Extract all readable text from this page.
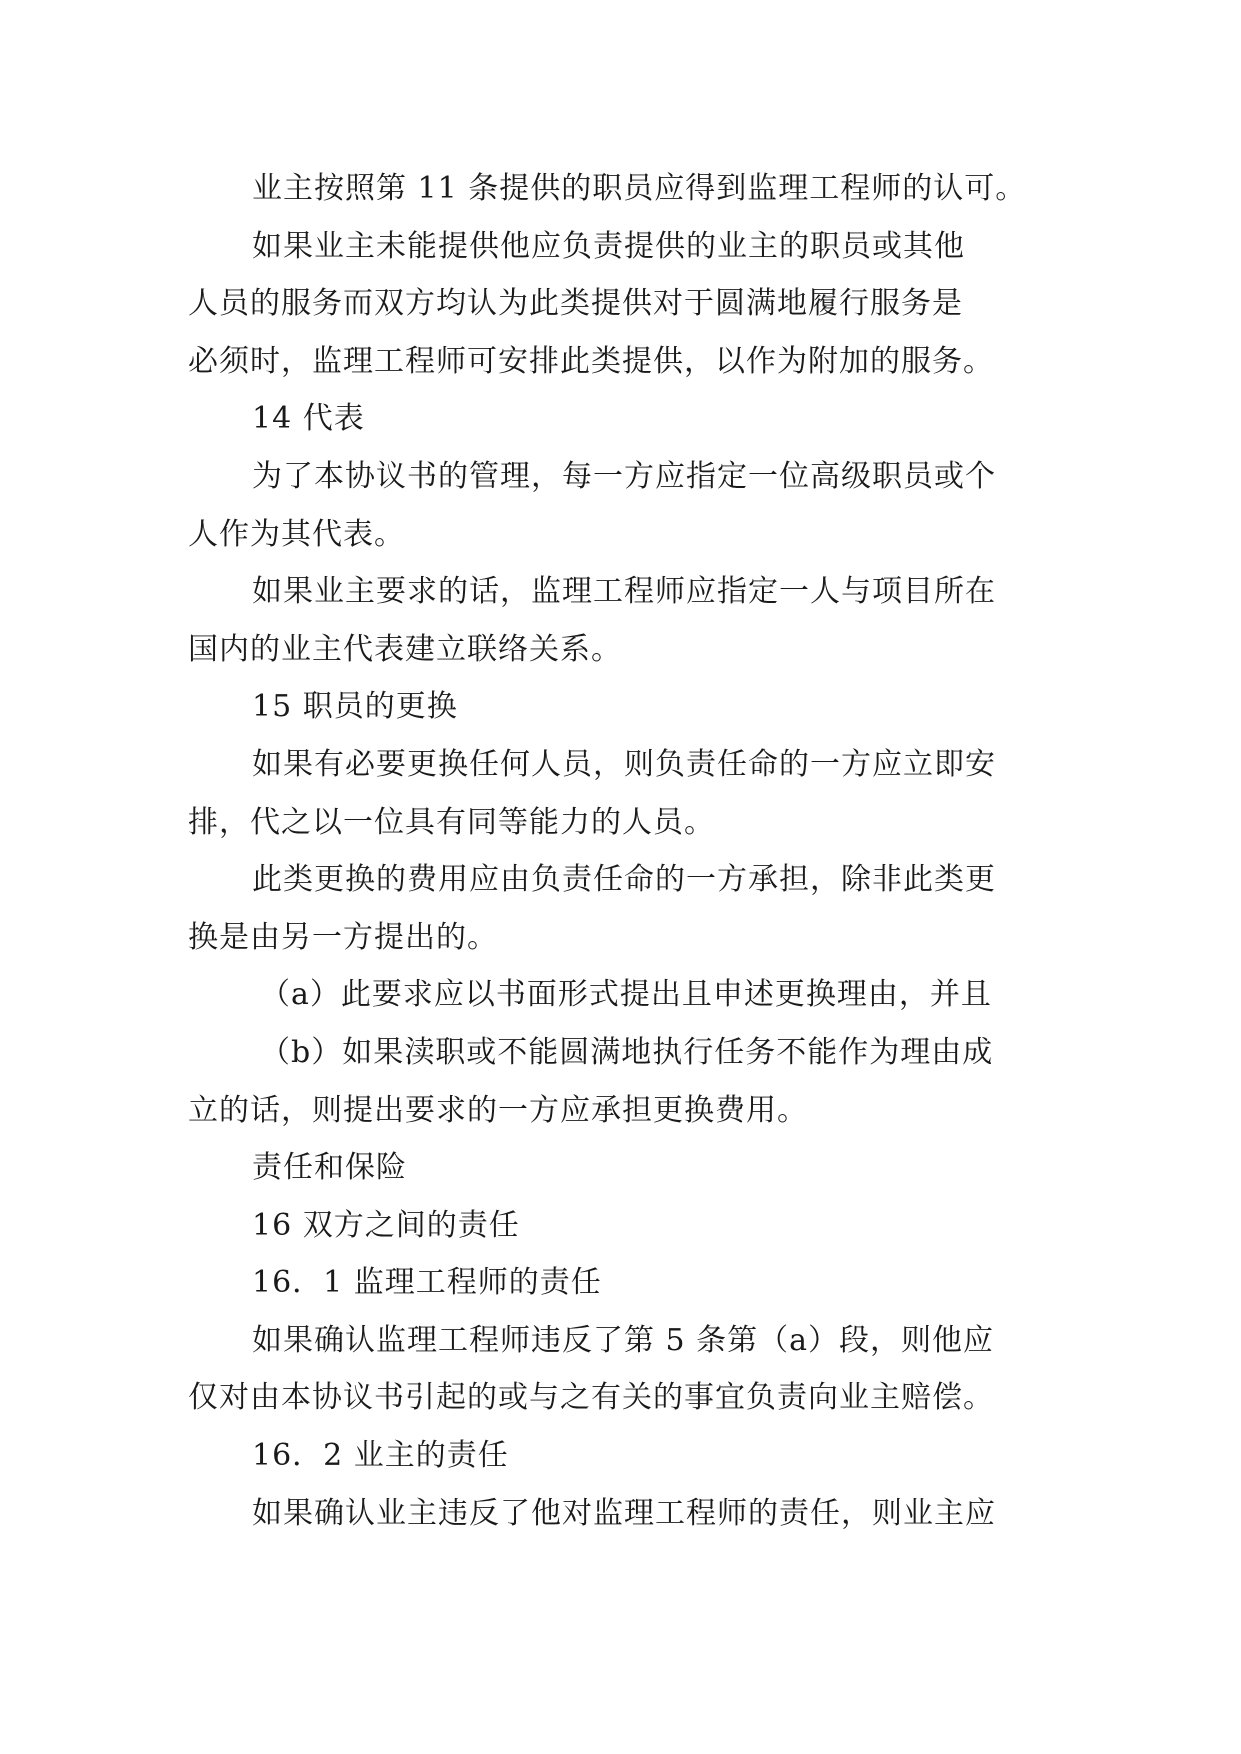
业主按照第 11 条提供的职员应得到监理工程师的认可。
如果业主未能提供他应负责提供的业主的职员或其他
人员的服务而双方均认为此类提供对于圆满地履行服务是
必须时，监理工程师可安排此类提供，以作为附加的服务。
14 代表
为了本协议书的管理，每一方应指定一位高级职员或个
人作为其代表。
如果业主要求的话，监理工程师应指定一人与项目所在
国内的业主代表建立联络关系。
15 职员的更换
如果有必要更换任何人员，则负责任命的一方应立即安
排，代之以一位具有同等能力的人员。
此类更换的费用应由负责任命的一方承担，除非此类更
换是由另一方提出的。
（a）此要求应以书面形式提出且申述更换理由，并且
（b）如果渎职或不能圆满地执行任务不能作为理由成
立的话，则提出要求的一方应承担更换费用。
责任和保险
16 双方之间的责任
16．1 监理工程师的责任
如果确认监理工程师违反了第 5 条第（a）段，则他应
仅对由本协议书引起的或与之有关的事宜负责向业主赔偿。
16．2 业主的责任
如果确认业主违反了他对监理工程师的责任，则业主应
